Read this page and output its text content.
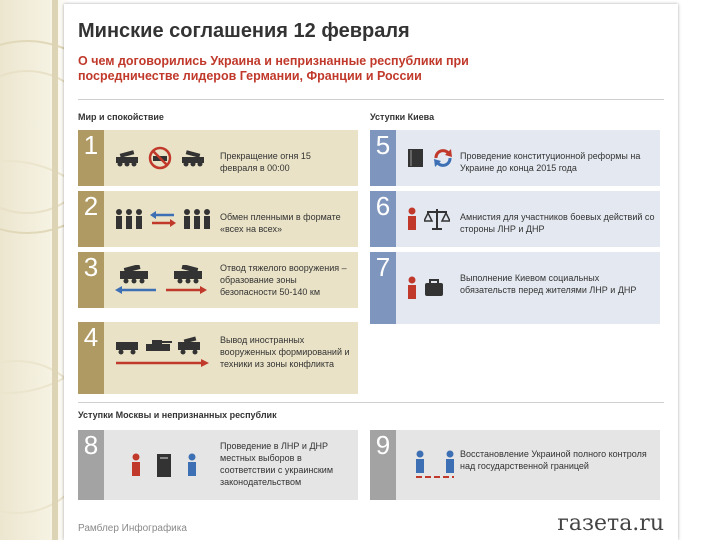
Минские соглашения 12 февраля
О чем договорились Украина и непризнанные республики при посредничестве лидеров Германии, Франции и России
Мир и спокойствие	Уступки Киева
1	Прекращение огня 15 февраля в 00:00
2	Обмен пленными в формате «всех на всех»
3	Отвод тяжелого вооружения – образование зоны безопасности 50-140 км
4	Вывод иностранных вооруженных формирований и техники из зоны конфликта
5	Проведение конституционной реформы на Украине до конца 2015 года
6	Амнистия для участников боевых действий со стороны ЛНР и ДНР
7	Выполнение Киевом социальных обязательств перед жителями ЛНР и ДНР
Уступки Москвы и непризнанных республик
8	Проведение в ЛНР и ДНР местных выборов в соответствии с украинским законодательством
9	Восстановление Украиной полного контроля над государственной границей
Рамблер Инфографика	газета.ru
